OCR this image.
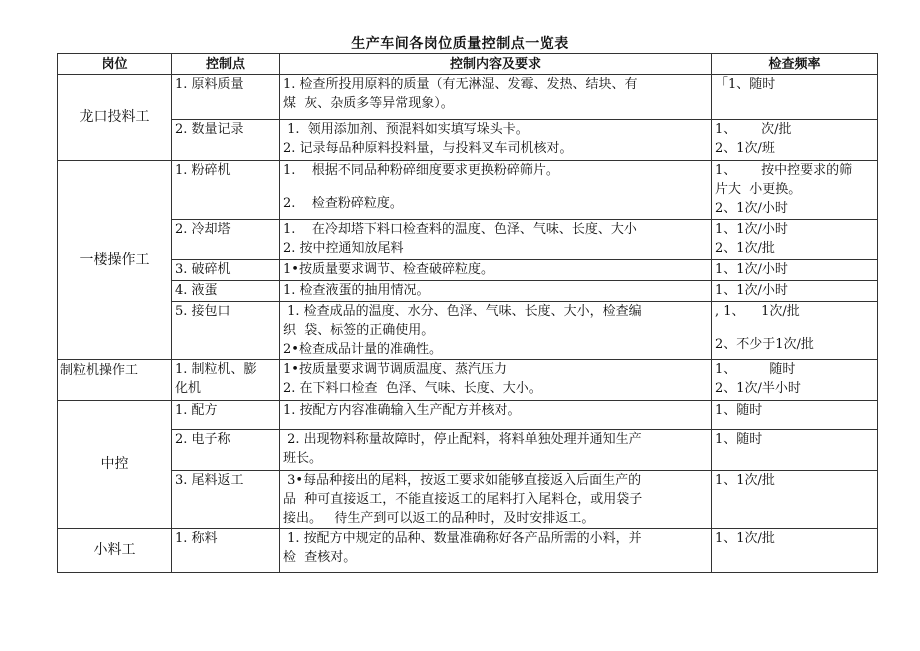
生产车间各岗位质量控制点一览表
岗位	控制点	控制内容及要求	检查频率
龙口投料工	1. 原料质量	1. 检查所投用原料的质量（有无淋湿、发霉、发热、结块、有
煤  灰、杂质多等异常现象）。	「1、随时

	2. 数量记录	1.  领用添加剂、预混料如实填写垛头卡。
2. 记录每品种原料投料量，与投料叉车司机核对。	1、      次/批
2、1次/班

一楼操作工	1. 粉碎机	1.    根据不同品种粉碎细度要求更换粉碎筛片。
2.    检查粉碎粒度。	1、      按中控要求的筛
片大  小更换。
2、1次/小时

	2. 冷却塔	1.    在冷却塔下料口检查料的温度、色泽、气味、长度、大小
2. 按中控通知放尾料	1、1次/小时
2、1次/批

	3. 破碎机	1•按质量要求调节、检查破碎粒度。	1、1次/小时

	4. 液蛋	1. 检查液蛋的抽用情况。	1、1次/小时

	5. 接包口	1. 检查成品的温度、水分、色泽、气味、长度、大小，检查编
织  袋、标签的正确使用。
2•检查成品计量的准确性。	, 1、    1次/批
2、不少于1次/批

制粒机操作工	1. 制粒机、膨
化机	1•按质量要求调节调质温度、蒸汽压力
2. 在下料口检查  色泽、气味、长度、大小。	1、        随时
2、1次/半小时

中控	1. 配方	1. 按配方内容准确输入生产配方并核对。	1、随时

	2. 电子称	2. 出现物料称量故障时，停止配料，将料单独处理并通知生产
班长。	1、随时

	3. 尾料返工	3•每品种接出的尾料，按返工要求如能够直接返入后面生产的
品  种可直接返工，不能直接返工的尾料打入尾料仓，或用袋子
接出。   待生产到可以返工的品种时，及时安排返工。	1、1次/批

小料工	1. 称料	1. 按配方中规定的品种、数量准确称好各产品所需的小料，并
检  查核对。	1、1次/批
